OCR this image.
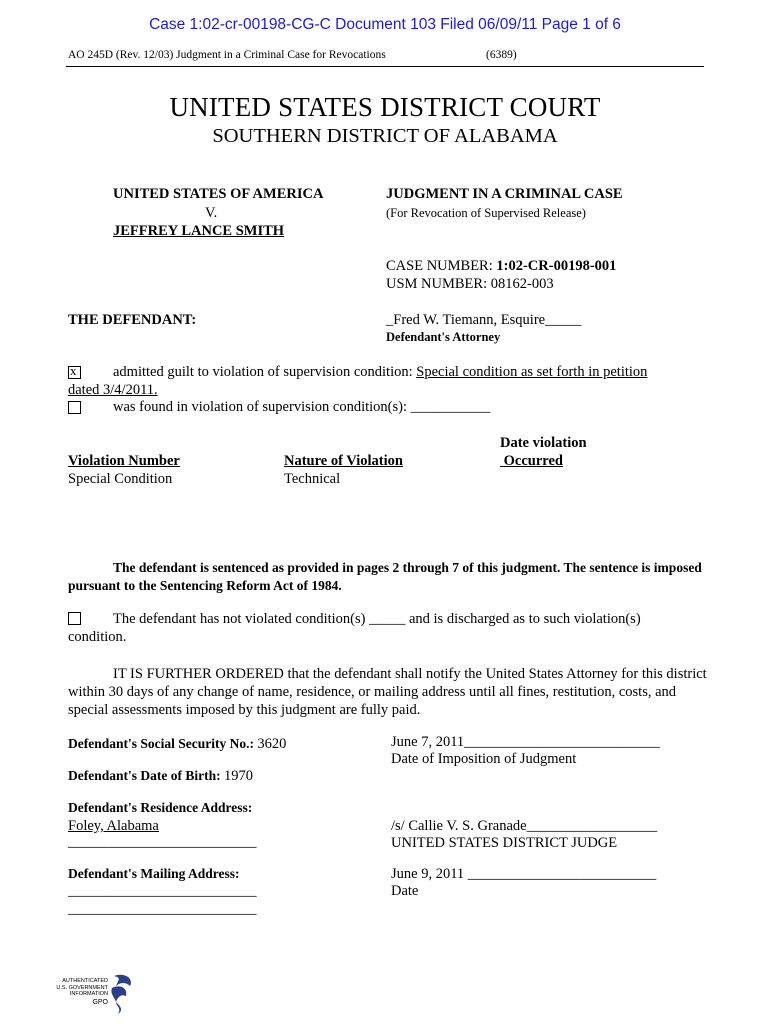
Case 1:02-cr-00198-CG-C Document 103 Filed 06/09/11 Page 1 of 6
AO 245D (Rev. 12/03) Judgment in a Criminal Case for Revocations	(6389)
UNITED STATES DISTRICT COURT
SOUTHERN DISTRICT OF ALABAMA
UNITED STATES OF AMERICA
V.
JEFFREY LANCE SMITH
JUDGMENT IN A CRIMINAL CASE
(For Revocation of Supervised Release)
CASE NUMBER: 1:02-CR-00198-001
USM NUMBER: 08162-003
THE DEFENDANT:	_Fred W. Tiemann, Esquire_____
Defendant's Attorney
x	admitted guilt to violation of supervision condition: Special condition as set forth in petition
dated 3/4/2011.
was found in violation of supervision condition(s): ___________
Date violation
Violation Number	Nature of Violation	Occurred
Special Condition	Technical
The defendant is sentenced as provided in pages 2 through 7 of this judgment. The sentence is imposed pursuant to the Sentencing Reform Act of 1984.
The defendant has not violated condition(s) _____ and is discharged as to such violation(s)
condition.
IT IS FURTHER ORDERED that the defendant shall notify the United States Attorney for this district within 30 days of any change of name, residence, or mailing address until all fines, restitution, costs, and special assessments imposed by this judgment are fully paid.
Defendant's Social Security No.: 3620
Defendant's Date of Birth: 1970
Defendant's Residence Address:
Foley, Alabama
__________________________
Defendant's Mailing Address:
__________________________
__________________________
June 7, 2011___________________________
Date of Imposition of Judgment
/s/ Callie V. S. Granade__________________
UNITED STATES DISTRICT JUDGE
June 9, 2011 __________________________
Date
AUTHENTICATED
U.S. GOVERNMENT
INFORMATION
GPO
